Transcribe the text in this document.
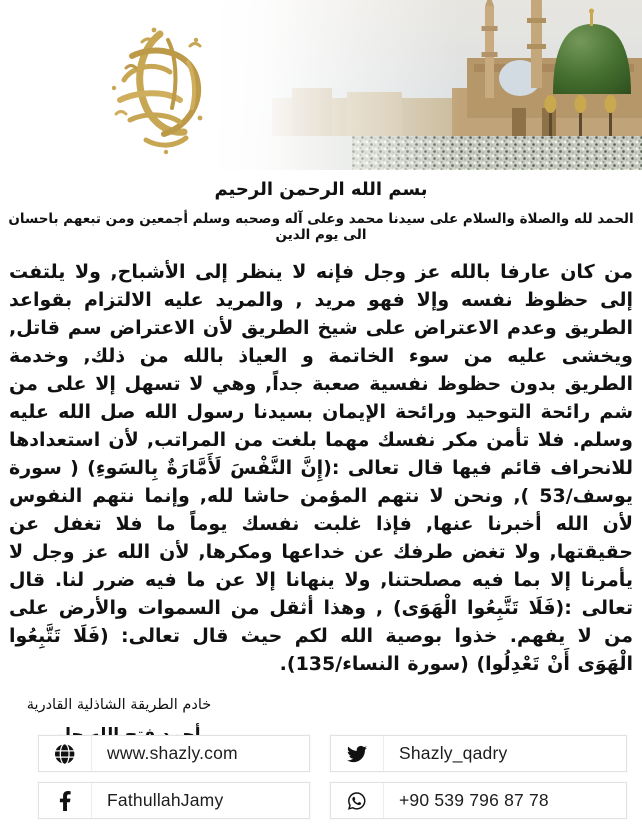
بسم الله الرحمن الرحيم
الحمد لله والصلاة والسلام على سيدنا محمد وعلى آله وصحبه وسلم أجمعين ومن تبعهم باحسان الى يوم الدين

من كان عارفا بالله عز وجل فإنه لا ينظر إلى الأشباح, ولا يلتفت إلى حظوظ نفسه وإلا فهو مريد , والمريد عليه الالتزام بقواعد الطريق وعدم الاعتراض على شيخ الطريق لأن الاعتراض سم قاتل, ويخشى عليه من سوء الخاتمة و العياذ بالله من ذلك, وخدمة الطريق بدون حظوظ نفسية صعبة جداً, وهي لا تسهل إلا على من شم رائحة التوحيد ورائحة الإيمان بسيدنا رسول الله صل الله عليه وسلم. فلا تأمن مكر نفسك مهما بلغت من المراتب, لأن استعدادها للانحراف قائم فيها قال تعالى :(إِنَّ النَّفْسَ لَأَمَّارَةٌ بِالسَوءِ) ( سورة يوسف/53 ), ونحن لا نتهم المؤمن حاشا لله, وإنما نتهم النفوس لأن الله أخبرنا عنها, فإذا غلبت نفسك يوماً ما فلا تغفل عن حقيقتها, ولا تغض طرفك عن خداعها ومكرها, لأن الله عز وجل لا يأمرنا إلا بما فيه مصلحتنا, ولا ينهانا إلا عن ما فيه ضرر لنا. قال تعالى :(فَلَا تَتَّبِعُوا الْهَوَى) , وهذا أثقل من السموات والأرض على من لا يفهم. خذوا بوصية الله لكم حيث قال تعالى: (فَلَا تَتَّبِعُوا الْهَوَى أَنْ تَعْدِلُوا) (سورة النساء/135).

خادم الطريقة الشاذلية القادرية
www.shazly.com	Shazly_qadry
FathullahJamy	+90 539 796 87 78
